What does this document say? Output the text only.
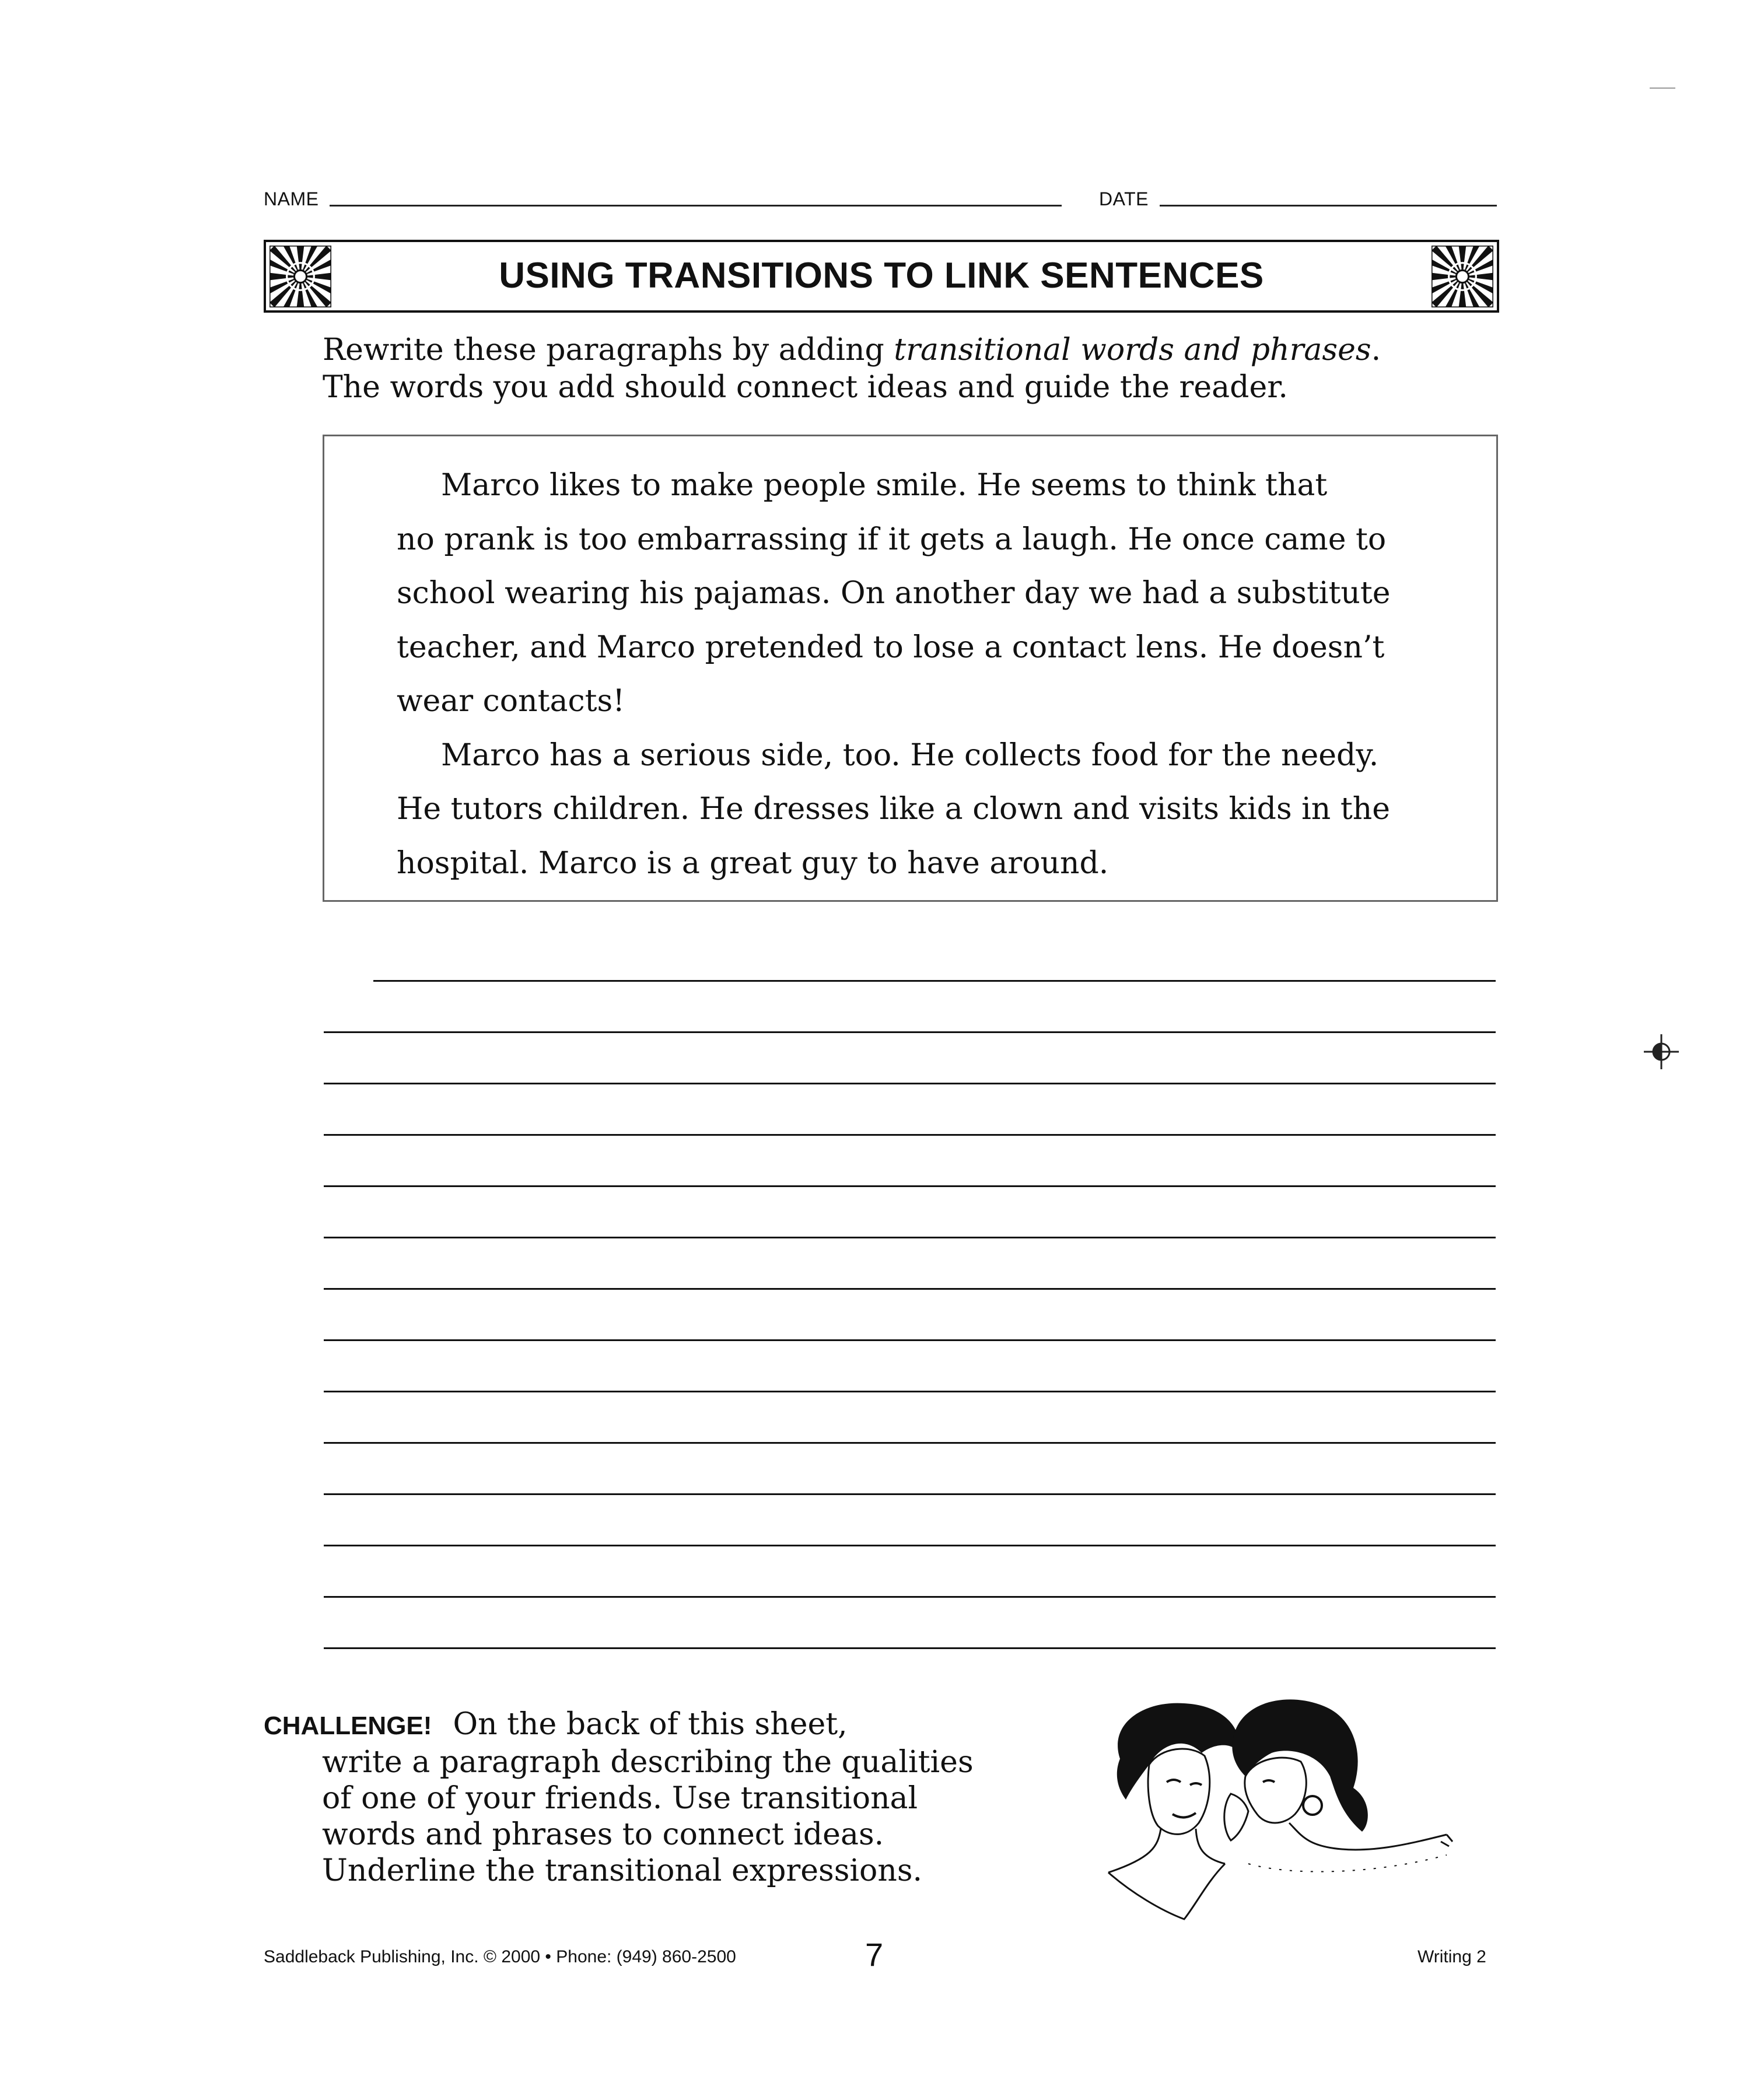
NAME	DATE
USING TRANSITIONS TO LINK SENTENCES

Rewrite these paragraphs by adding transitional words and phrases.

The words you add should connect ideas and guide the reader.

Marco likes to make people smile. He seems to think that
no prank is too embarrassing if it gets a laugh. He once came to
school wearing his pajamas. On another day we had a substitute
teacher, and Marco pretended to lose a contact lens. He doesn’t
wear contacts!

Marco has a serious side, too. He collects food for the needy.
He tutors children. He dresses like a clown and visits kids in the
hospital. Marco is a great guy to have around.

CHALLENGE! On the back of this sheet,
write a paragraph describing the qualities
of one of your friends. Use transitional
words and phrases to connect ideas.
Underline the transitional expressions.
Saddleback Publishing, Inc. © 2000 • Phone: (949) 860-2500	7	Writing 2
